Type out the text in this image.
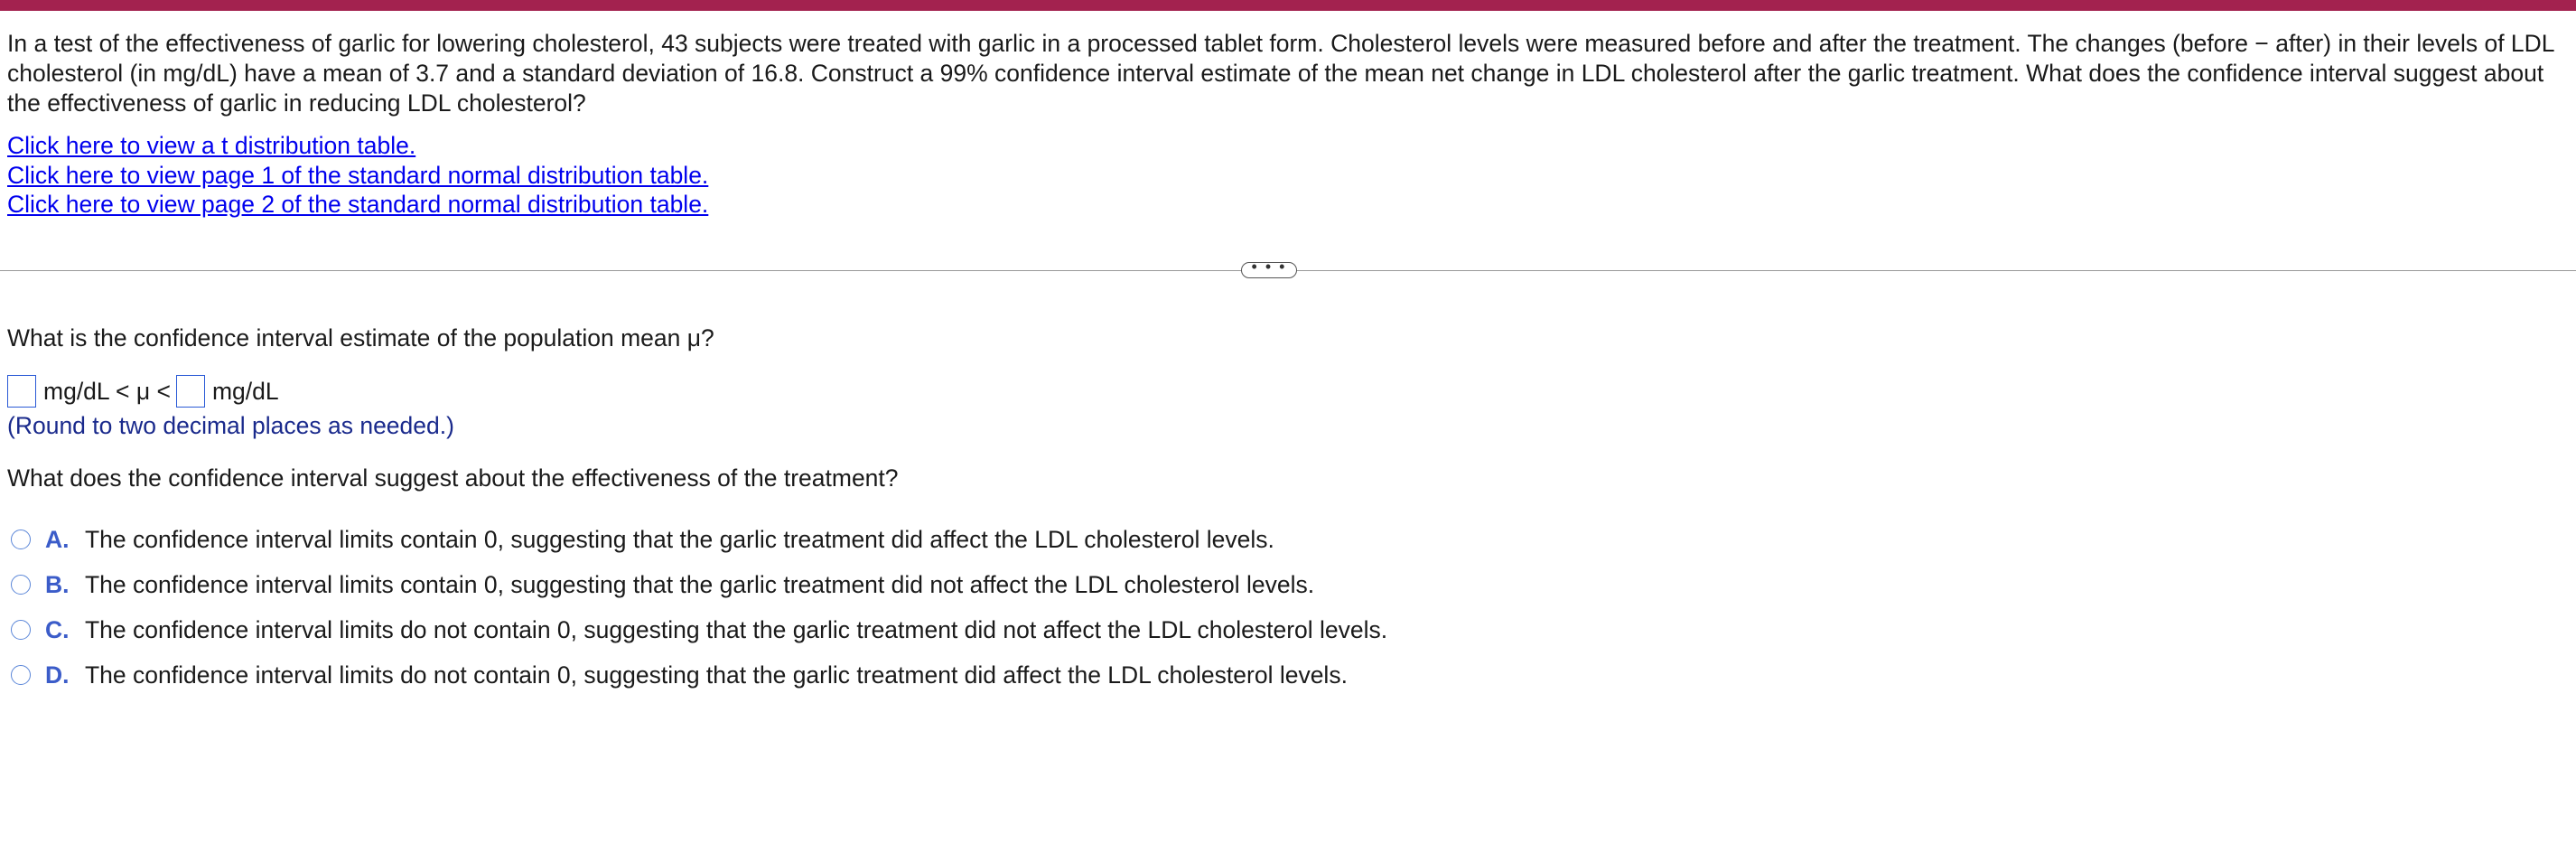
In a test of the effectiveness of garlic for lowering cholesterol, 43 subjects were treated with garlic in a processed tablet form. Cholesterol levels were measured before and after the treatment. The changes (before − after) in their levels of LDL cholesterol (in mg/dL) have a mean of 3.7 and a standard deviation of 16.8. Construct a 99% confidence interval estimate of the mean net change in LDL cholesterol after the garlic treatment. What does the confidence interval suggest about the effectiveness of garlic in reducing LDL cholesterol?
Click here to view a t distribution table.
Click here to view page 1 of the standard normal distribution table.
Click here to view page 2 of the standard normal distribution table.
• • •
What is the confidence interval estimate of the population mean μ?
mg/dL < μ < mg/dL
(Round to two decimal places as needed.)
What does the confidence interval suggest about the effectiveness of the treatment?
A. The confidence interval limits contain 0, suggesting that the garlic treatment did affect the LDL cholesterol levels.
B. The confidence interval limits contain 0, suggesting that the garlic treatment did not affect the LDL cholesterol levels.
C. The confidence interval limits do not contain 0, suggesting that the garlic treatment did not affect the LDL cholesterol levels.
D. The confidence interval limits do not contain 0, suggesting that the garlic treatment did affect the LDL cholesterol levels.
